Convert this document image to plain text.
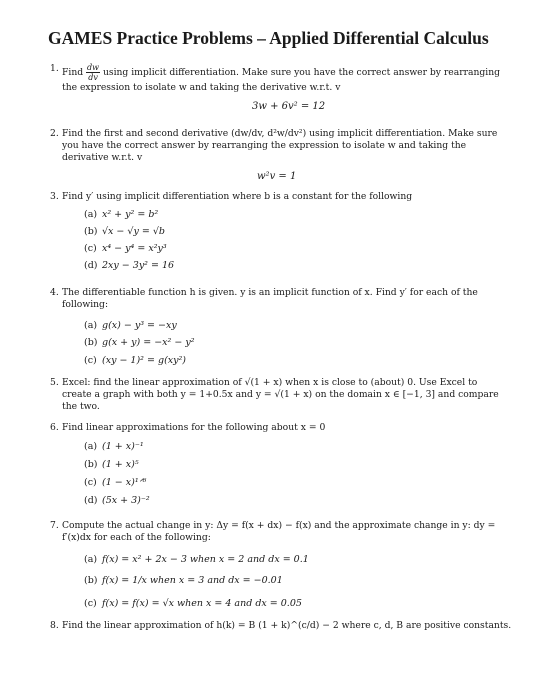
GAMES Practice Problems – Applied Differential Calculus
1. Find $\frac{dw}{dv}$ using implicit differentiation. Make sure you have the correct answer by rearranging the expression to isolate w and taking the derivative w.r.t. v
3w + 6v² = 12
2. Find the first and second derivative (dw/dv, d²w/dv²) using implicit differentiation. Make sure you have the correct answer by rearranging the expression to isolate w and taking the derivative w.r.t. v
w²v = 1
3. Find y′ using implicit differentiation where b is a constant for the following
(a) x² + y² = b²
(b) √x − √y = √b
(c) x⁴ − y⁴ = x²y³
(d) 2xy − 3y² = 16
4. The differentiable function h is given. y is an implicit function of x. Find y′ for each of the following:
(a) g(x) − y³ = −xy
(b) g(x + y) = −x² − y²
(c) (xy − 1)² = g(xy²)
5. Excel: find the linear approximation of √(1 + x) when x is close to (about) 0. Use Excel to create a graph with both y = 1+0.5x and y = √(1 + x) on the domain x ∈ [−1, 3] and compare the two.
6. Find linear approximations for the following about x = 0
(a) (1 + x)⁻¹
(b) (1 + x)⁵
(c) (1 − x)¹ᐟ⁶
(d) (5x + 3)⁻²
7. Compute the actual change in y: Δy = f(x + dx) − f(x) and the approximate change in y: dy = f′(x)dx for each of the following:
(a) f(x) = x² + 2x − 3 when x = 2 and dx = 0.1
(b) f(x) = 1/x when x = 3 and dx = −0.01
(c) f(x) = f(x) = √x when x = 4 and dx = 0.05
8. Find the linear approximation of h(k) = B (1 + k)^(c/d) − 2 where c, d, B are positive constants.
